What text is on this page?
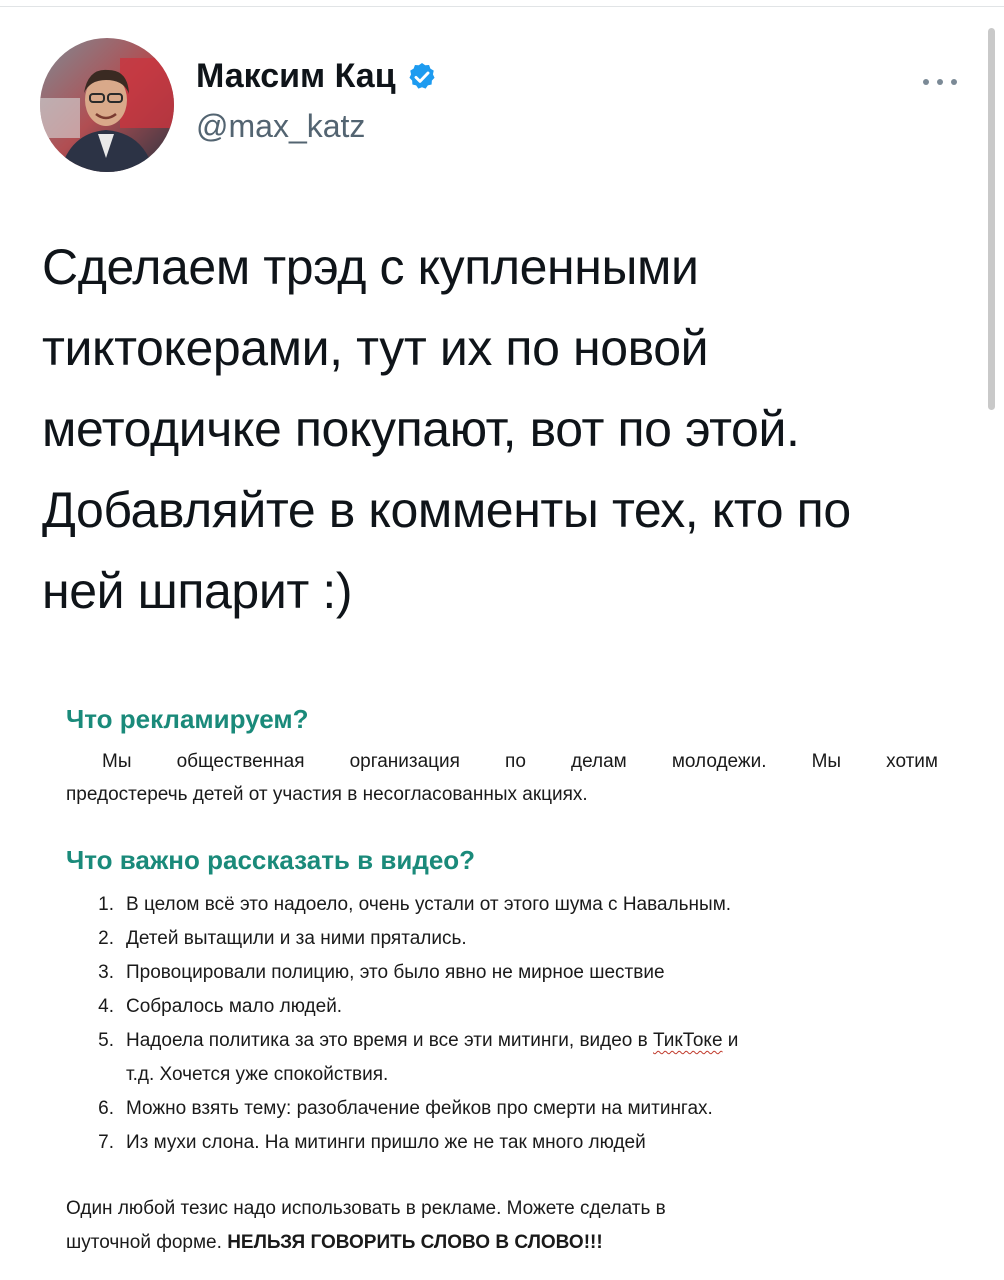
Максим Кац
@max_katz
Сделаем трэд с купленными
тиктокерами, тут их по новой
методичке покупают, вот по этой.
Добавляйте в комменты тех, кто по
ней шпарит :)
Что рекламируем?
Мы общественная организация по делам молодежи. Мы хотим
предостеречь детей от участия в несогласованных акциях.
Что важно рассказать в видео?
1. В целом всё это надоело, очень устали от этого шума с Навальным.
2. Детей вытащили и за ними прятались.
3. Провоцировали полицию, это было явно не мирное шествие
4. Собралось мало людей.
5. Надоела политика за это время и все эти митинги, видео в ТикТоке и
т.д. Хочется уже спокойствия.
6. Можно взять тему: разоблачение фейков про смерти на митингах.
7. Из мухи слона. На митинги пришло же не так много людей
Один любой тезис надо использовать в рекламе. Можете сделать в
шуточной форме. НЕЛЬЗЯ ГОВОРИТЬ СЛОВО В СЛОВО!!!
